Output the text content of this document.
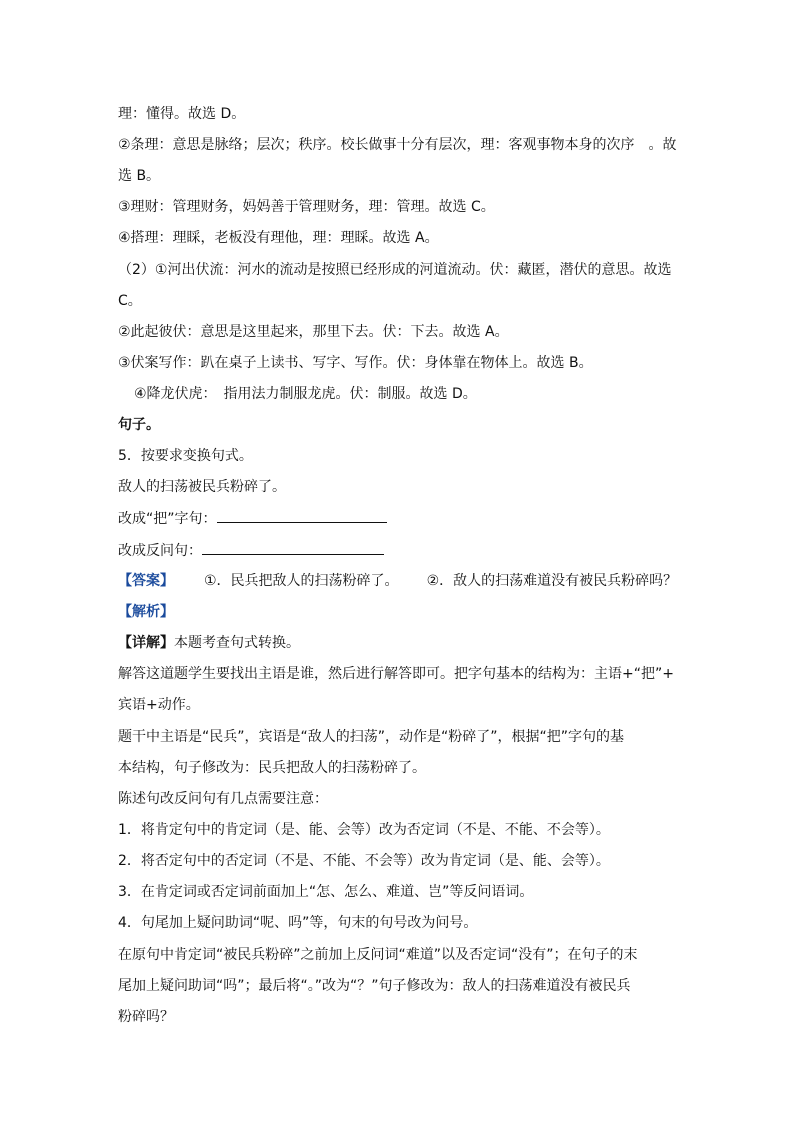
理：懂得。故选 D。
②条理：意思是脉络；层次；秩序。校长做事十分有层次，理：客观事物本身的次序　。故
选 B。
③理财：管理财务，妈妈善于管理财务，理：管理。故选 C。
④搭理：理睬，老板没有理他，理：理睬。故选 A。
（2）①河出伏流：河水的流动是按照已经形成的河道流动。伏：藏匿，潜伏的意思。故选
C。
②此起彼伏：意思是这里起来，那里下去。伏：下去。故选 A。
③伏案写作：趴在桌子上读书、写字、写作。伏：身体靠在物体上。故选 B。
④降龙伏虎：　指用法力制服龙虎。伏：制服。故选 D。
句子。
5．按要求变换句式。
敌人的扫荡被民兵粉碎了。
改成“把”字句：
改成反问句：
【答案】 ①．民兵把敌人的扫荡粉碎了。 ②．敌人的扫荡难道没有被民兵粉碎吗？
【解析】
【详解】本题考查句式转换。
解答这道题学生要找出主语是谁，然后进行解答即可。把字句基本的结构为：主语+“把”+
宾语+动作。
题干中主语是“民兵”，宾语是“敌人的扫荡”，动作是“粉碎了”，根据“把”字句的基
本结构，句子修改为：民兵把敌人的扫荡粉碎了。
陈述句改反问句有几点需要注意：
1．将肯定句中的肯定词（是、能、会等）改为否定词（不是、不能、不会等）。
2．将否定句中的否定词（不是、不能、不会等）改为肯定词（是、能、会等）。
3．在肯定词或否定词前面加上“怎、怎么、难道、岂”等反问语词。
4．句尾加上疑问助词“呢、吗”等，句末的句号改为问号。
在原句中肯定词“被民兵粉碎”之前加上反问词“难道”以及否定词“没有”；在句子的末
尾加上疑问助词“吗”；最后将“。”改为“？”句子修改为：敌人的扫荡难道没有被民兵
粉碎吗？
